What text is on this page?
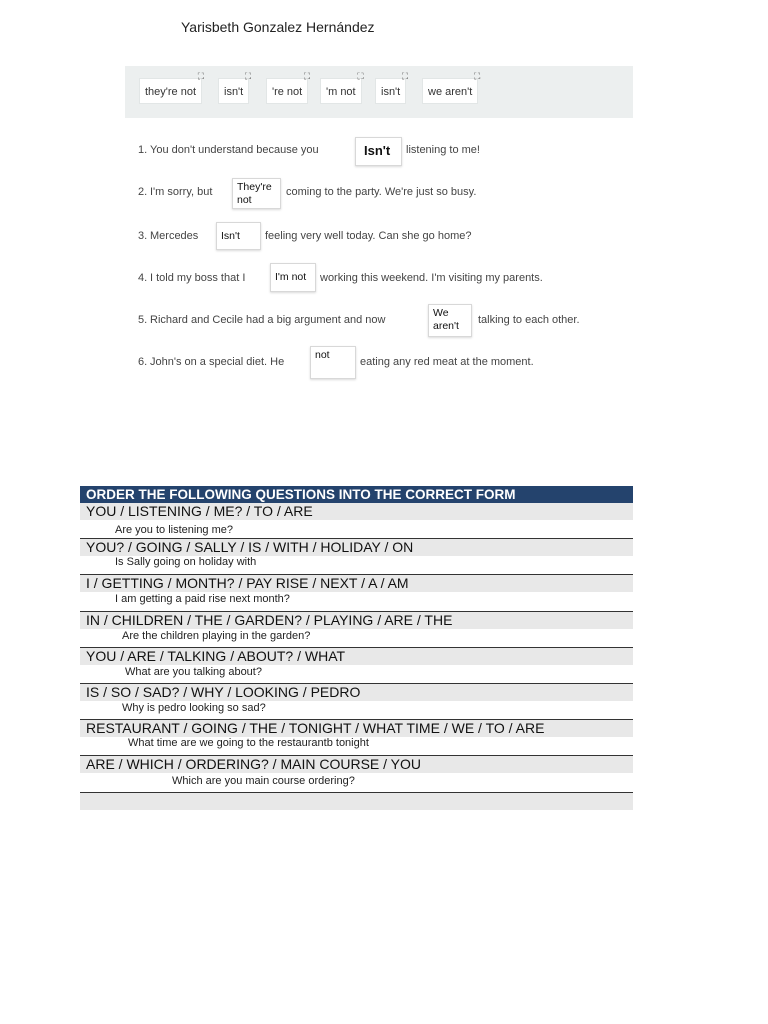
Yarisbeth Gonzalez Hernández
they're not
⛶
isn't
⛶
're not
⛶
'm not
⛶
isn't
⛶
we aren't
⛶
1. You don't understand because you	listening to me!
Isn't
2. I'm sorry, but	coming to the party. We're just so busy.
They're not
3. Mercedes	feeling very well today. Can she go home?
Isn't
4. I told my boss that I	working this weekend. I'm visiting my parents.
I'm not
5. Richard and Cecile had a big argument and now	talking to each other.
We aren't
6. John's on a special diet. He	eating any red meat at the moment.
not
ORDER THE FOLLOWING QUESTIONS INTO THE CORRECT FORM
YOU / LISTENING / ME? / TO / ARE
Are you to listening me?
YOU? / GOING / SALLY / IS / WITH / HOLIDAY / ON
Is Sally going on holiday with
I / GETTING / MONTH? / PAY RISE / NEXT / A / AM
I am getting a paid rise next month?
IN / CHILDREN / THE / GARDEN? / PLAYING / ARE / THE
Are the children playing in the garden?
YOU / ARE / TALKING / ABOUT? / WHAT
What are you talking about?
IS / SO / SAD? / WHY / LOOKING / PEDRO
Why is pedro looking so sad?
RESTAURANT / GOING / THE / TONIGHT / WHAT TIME / WE / TO / ARE
What time are we going to the restaurantb tonight
ARE / WHICH / ORDERING? / MAIN COURSE / YOU
Which are you main course ordering?
